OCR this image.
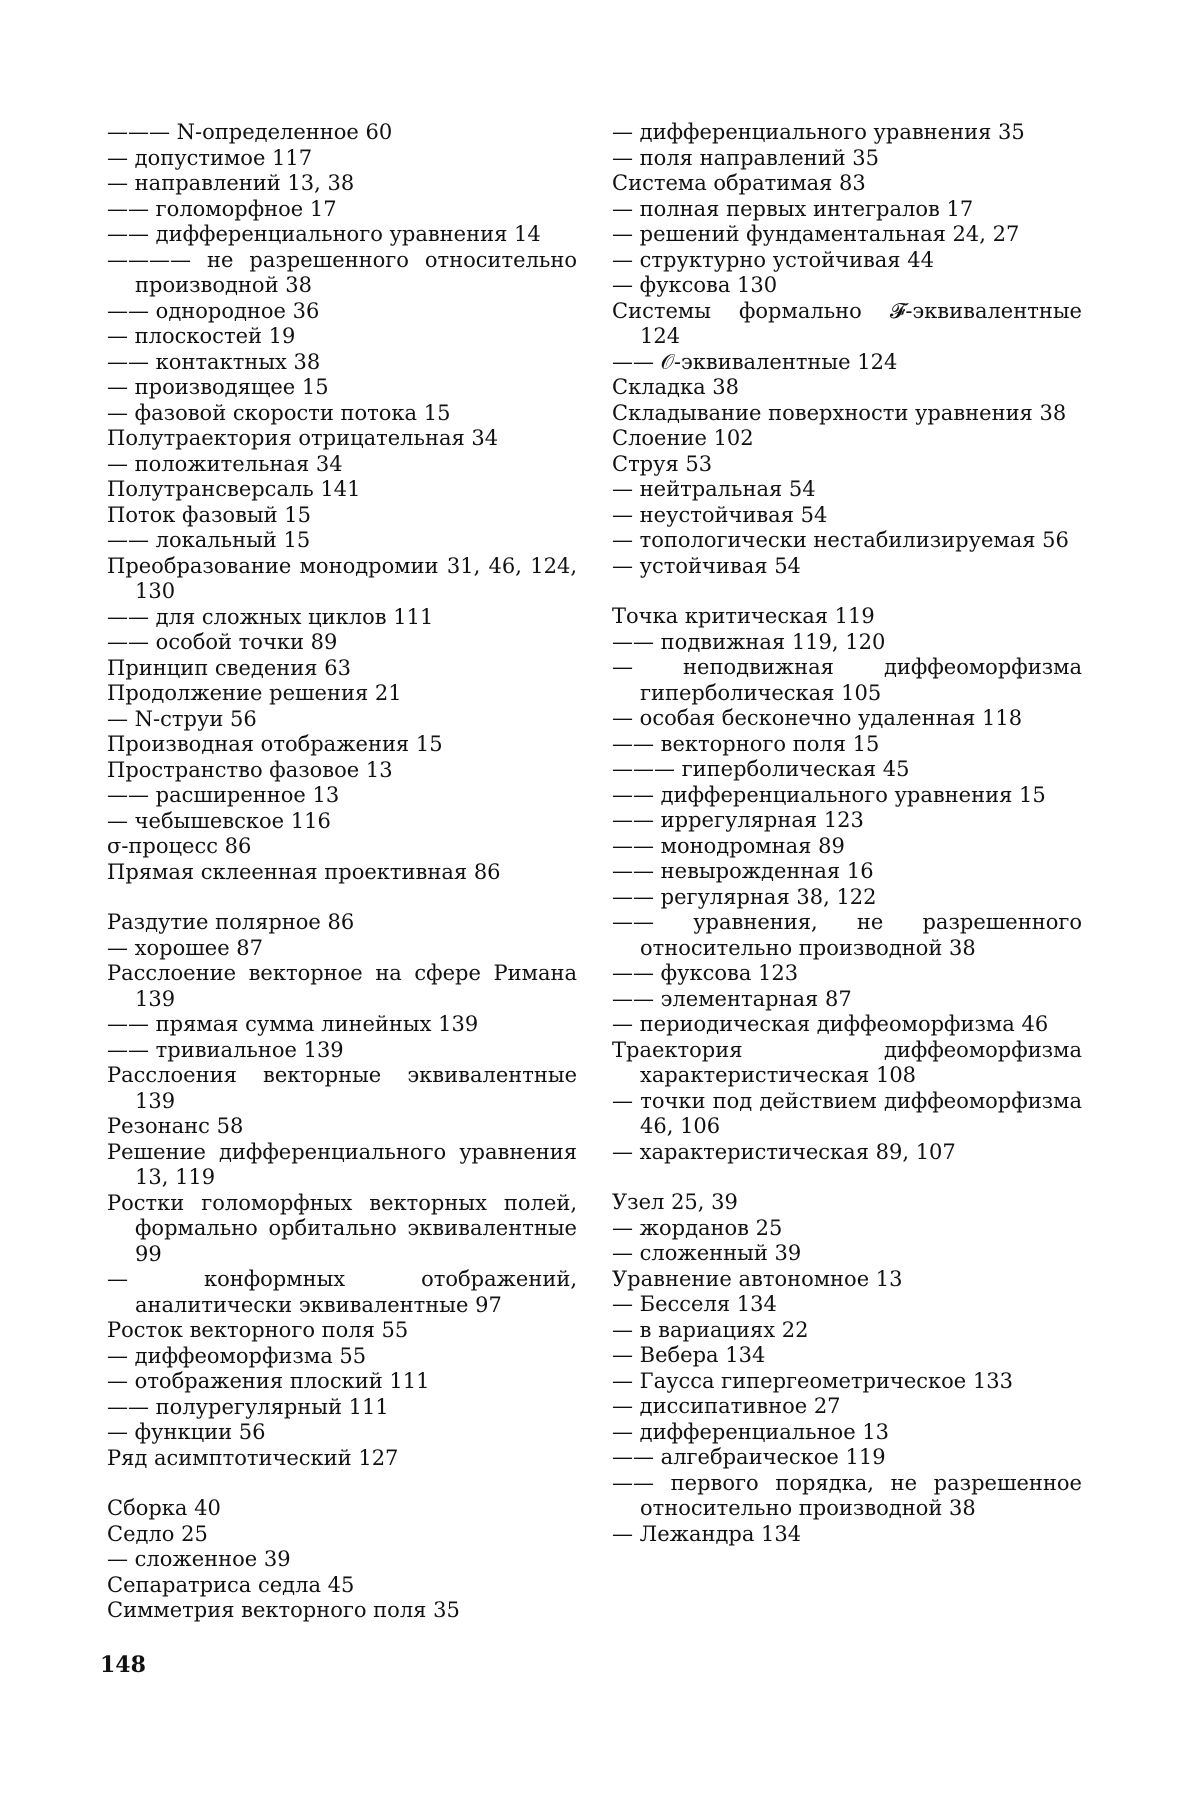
——— N-определенное 60

— допустимое 117

— направлений 13, 38

—— голоморфное 17

—— дифференциального уравнения 14

———— не разрешенного относительно производной 38

—— однородное 36

— плоскостей 19

—— контактных 38

— производящее 15

— фазовой скорости потока 15

Полутраектория отрицательная 34

— положительная 34

Полутрансверсаль 141

Поток фазовый 15

—— локальный 15

Преобразование монодромии 31, 46, 124, 130

—— для сложных циклов 111

—— особой точки 89

Принцип сведения 63

Продолжение решения 21

— N-струи 56

Производная отображения 15

Пространство фазовое 13

—— расширенное 13

— чебышевское 116

σ-процесс 86

Прямая склеенная проективная 86

Раздутие полярное 86

— хорошее 87

Расслоение векторное на сфере Римана 139

—— прямая сумма линейных 139

—— тривиальное 139

Расслоения векторные эквивалентные 139

Резонанс 58

Решение дифференциального уравнения 13, 119

Ростки голоморфных векторных полей, формально орбитально эквивалентные 99

— конформных отображений, аналитически эквивалентные 97

Росток векторного поля 55

— диффеоморфизма 55

— отображения плоский 111

—— полурегулярный 111

— функции 56

Ряд асимптотический 127

Сборка 40

Седло 25

— сложенное 39

Сепаратриса седла 45

Симметрия векторного поля 35

— дифференциального уравнения 35

— поля направлений 35

Система обратимая 83

— полная первых интегралов 17

— решений фундаментальная 24, 27

— структурно устойчивая 44

— фуксова 130

Системы формально 𝓕-эквивалентные 124

—— 𝒪-эквивалентные 124

Складка 38

Складывание поверхности уравнения 38

Слоение 102

Струя 53

— нейтральная 54

— неустойчивая 54

— топологически нестабилизируемая 56

— устойчивая 54

Точка критическая 119

—— подвижная 119, 120

— неподвижная диффеоморфизма гиперболическая 105

— особая бесконечно удаленная 118

—— векторного поля 15

——— гиперболическая 45

—— дифференциального уравнения 15

—— иррегулярная 123

—— монодромная 89

—— невырожденная 16

—— регулярная 38, 122

—— уравнения, не разрешенного относительно производной 38

—— фуксова 123

—— элементарная 87

— периодическая диффеоморфизма 46

Траектория диффеоморфизма характеристическая 108

— точки под действием диффеоморфизма 46, 106

— характеристическая 89, 107

Узел 25, 39

— жорданов 25

— сложенный 39

Уравнение автономное 13

— Бесселя 134

— в вариациях 22

— Вебера 134

— Гаусса гипергеометрическое 133

— диссипативное 27

— дифференциальное 13

—— алгебраическое 119

—— первого порядка, не разрешенное относительно производной 38

— Лежандра 134

148
